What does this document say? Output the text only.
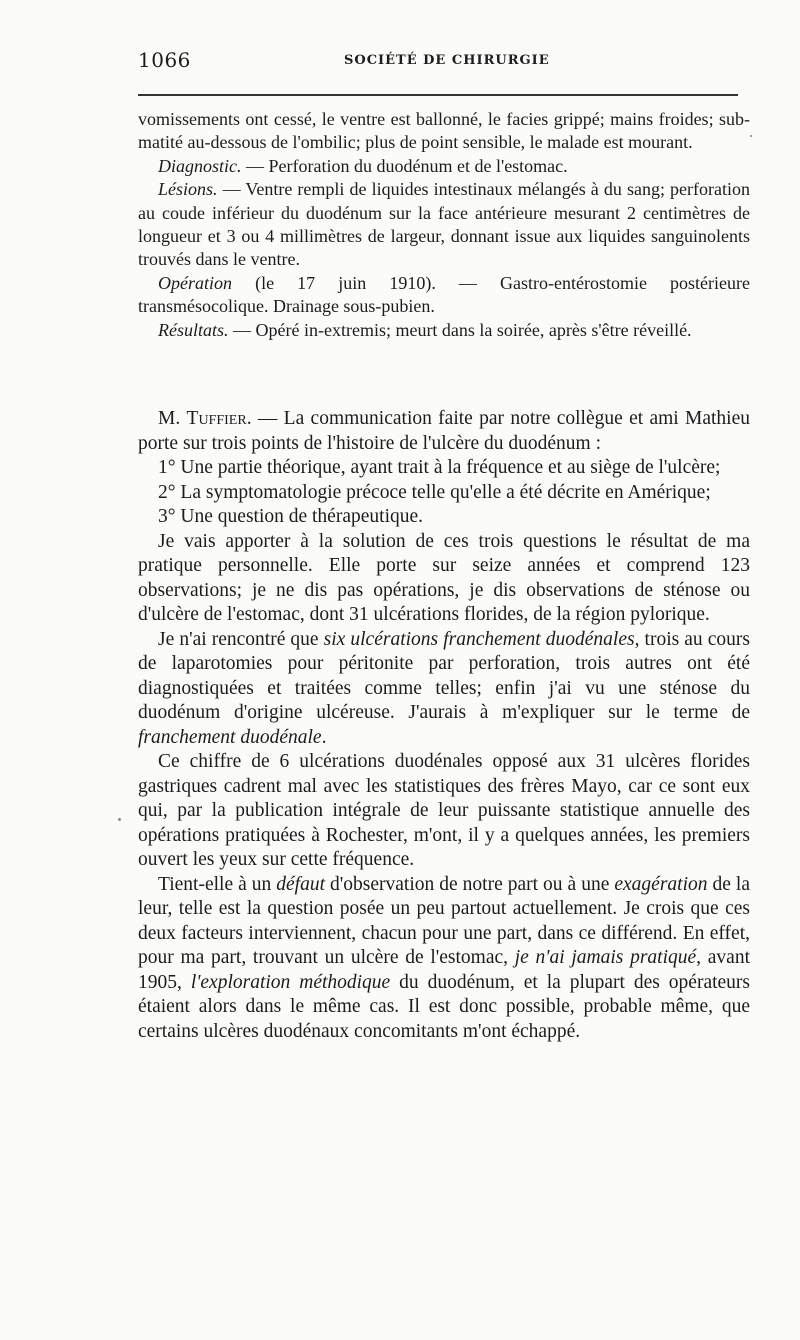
1066	SOCIÉTÉ DE CHIRURGIE

vomissements ont cessé, le ventre est ballonné, le facies grippé; mains froides; sub-matité au-dessous de l'ombilic; plus de point sensible, le malade est mourant.

Diagnostic. — Perforation du duodénum et de l'estomac.

Lésions. — Ventre rempli de liquides intestinaux mélangés à du sang; perforation au coude inférieur du duodénum sur la face antérieure mesurant 2 centimètres de longueur et 3 ou 4 millimètres de largeur, donnant issue aux liquides sanguinolents trouvés dans le ventre.

Opération (le 17 juin 1910). — Gastro-entérostomie postérieure transmésocolique. Drainage sous-pubien.

Résultats. — Opéré in-extremis; meurt dans la soirée, après s'être réveillé.

M. Tuffier. — La communication faite par notre collègue et ami Mathieu porte sur trois points de l'histoire de l'ulcère du duodénum :

1° Une partie théorique, ayant trait à la fréquence et au siège de l'ulcère;

2° La symptomatologie précoce telle qu'elle a été décrite en Amérique;

3° Une question de thérapeutique.

Je vais apporter à la solution de ces trois questions le résultat de ma pratique personnelle. Elle porte sur seize années et comprend 123 observations; je ne dis pas opérations, je dis observations de sténose ou d'ulcère de l'estomac, dont 31 ulcérations florides, de la région pylorique.

Je n'ai rencontré que six ulcérations franchement duodénales, trois au cours de laparotomies pour péritonite par perforation, trois autres ont été diagnostiquées et traitées comme telles; enfin j'ai vu une sténose du duodénum d'origine ulcéreuse. J'aurais à m'expliquer sur le terme de franchement duodénale.

Ce chiffre de 6 ulcérations duodénales opposé aux 31 ulcères florides gastriques cadrent mal avec les statistiques des frères Mayo, car ce sont eux qui, par la publication intégrale de leur puissante statistique annuelle des opérations pratiquées à Rochester, m'ont, il y a quelques années, les premiers ouvert les yeux sur cette fréquence.

Tient-elle à un défaut d'observation de notre part ou à une exagération de la leur, telle est la question posée un peu partout actuellement. Je crois que ces deux facteurs interviennent, chacun pour une part, dans ce différend. En effet, pour ma part, trouvant un ulcère de l'estomac, je n'ai jamais pratiqué, avant 1905, l'exploration méthodique du duodénum, et la plupart des opérateurs étaient alors dans le même cas. Il est donc possible, probable même, que certains ulcères duodénaux concomitants m'ont échappé.
